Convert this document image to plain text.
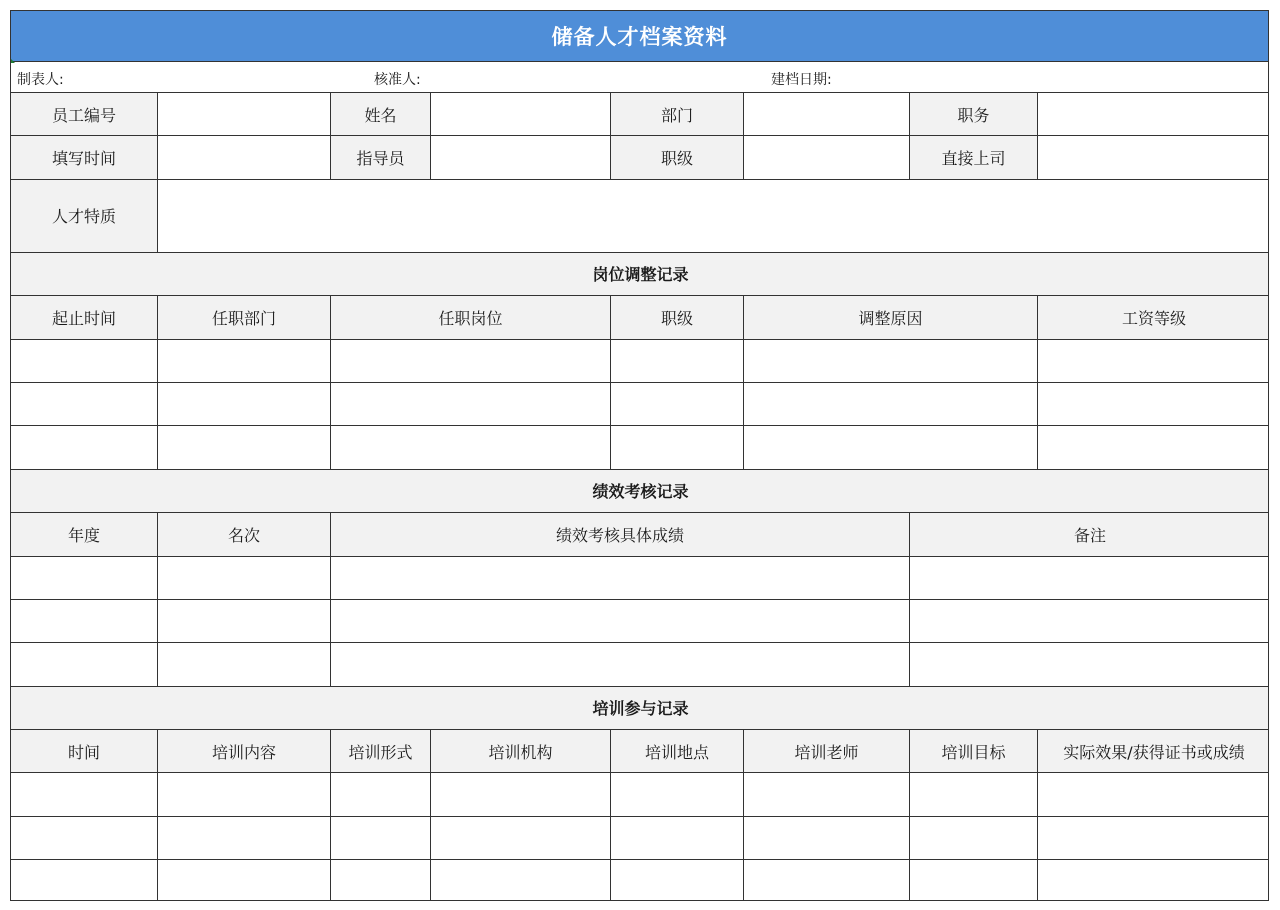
储备人才档案资料
制表人:	核准人:	建档日期:
员工编号		姓名		部门		职务	
填写时间		指导员		职级		直接上司	
人才特质							
岗位调整记录							
起止时间	任职部门	任职岗位		职级	调整原因		工资等级

绩效考核记录							
年度	名次	绩效考核具体成绩				备注	

培训参与记录							
时间	培训内容	培训形式	培训机构	培训地点	培训老师	培训目标	实际效果/获得证书或成绩
